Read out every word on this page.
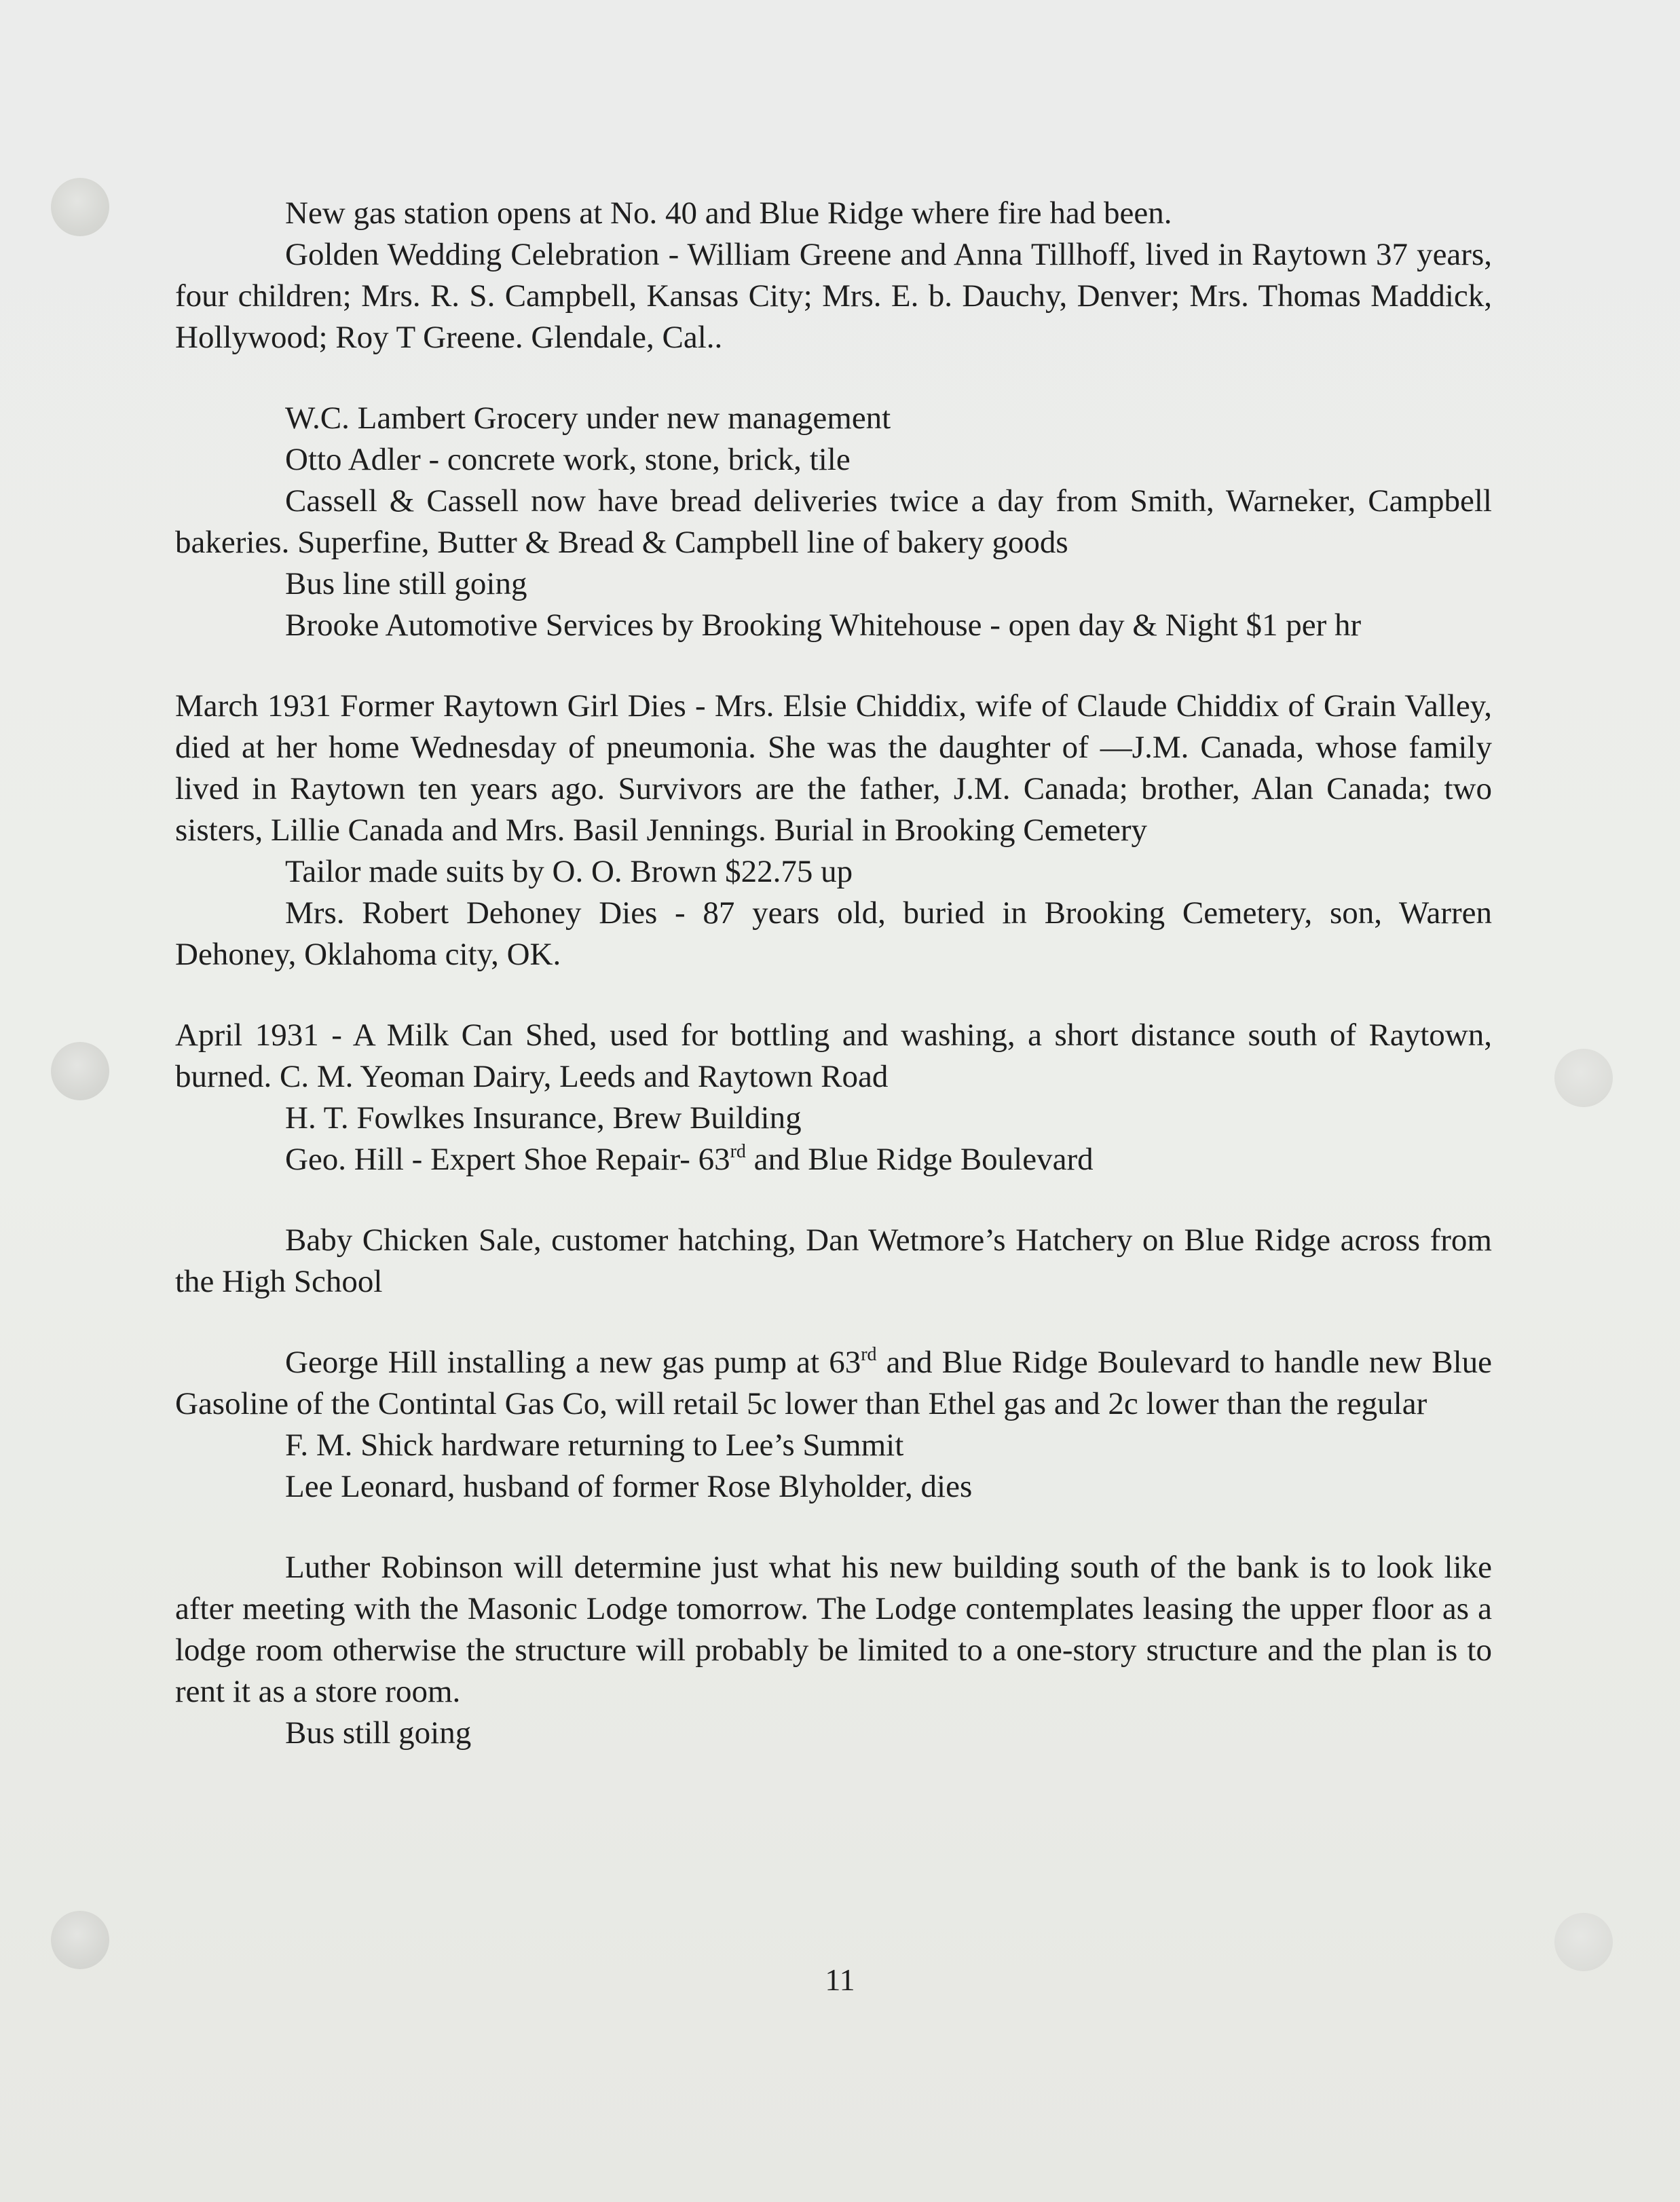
New gas station opens at No. 40 and Blue Ridge where fire had been.

Golden Wedding Celebration - William Greene and Anna Tillhoff, lived in Raytown 37 years, four children; Mrs. R. S. Campbell, Kansas City; Mrs. E. b. Dauchy, Denver; Mrs. Thomas Maddick, Hollywood; Roy T Greene. Glendale, Cal..

W.C. Lambert Grocery under new management

Otto Adler - concrete work, stone, brick, tile

Cassell & Cassell now have bread deliveries twice a day from Smith, Warneker, Campbell bakeries. Superfine, Butter & Bread & Campbell line of bakery goods

Bus line still going

Brooke Automotive Services by Brooking Whitehouse - open day & Night $1 per hr

March 1931 Former Raytown Girl Dies - Mrs. Elsie Chiddix, wife of Claude Chiddix of Grain Valley, died at her home Wednesday of pneumonia. She was the daughter of —J.M. Canada, whose family lived in Raytown ten years ago. Survivors are the father, J.M. Canada; brother, Alan Canada; two sisters, Lillie Canada and Mrs. Basil Jennings. Burial in Brooking Cemetery

Tailor made suits by O. O. Brown $22.75 up

Mrs. Robert Dehoney Dies - 87 years old, buried in Brooking Cemetery, son, Warren Dehoney, Oklahoma city, OK.

April 1931 - A Milk Can Shed, used for bottling and washing, a short distance south of Raytown, burned. C. M. Yeoman Dairy, Leeds and Raytown Road

H. T. Fowlkes Insurance, Brew Building

Geo. Hill - Expert Shoe Repair- 63rd and Blue Ridge Boulevard

Baby Chicken Sale, customer hatching, Dan Wetmore’s Hatchery on Blue Ridge across from the High School

George Hill installing a new gas pump at 63rd and Blue Ridge Boulevard to handle new Blue Gasoline of the Contintal Gas Co, will retail 5c lower than Ethel gas and 2c lower than the regular

F. M. Shick hardware returning to Lee’s Summit

Lee Leonard, husband of former Rose Blyholder, dies

Luther Robinson will determine just what his new building south of the bank is to look like after meeting with the Masonic Lodge tomorrow. The Lodge contemplates leasing the upper floor as a lodge room otherwise the structure will probably be limited to a one-story structure and the plan is to rent it as a store room.

Bus still going

11
